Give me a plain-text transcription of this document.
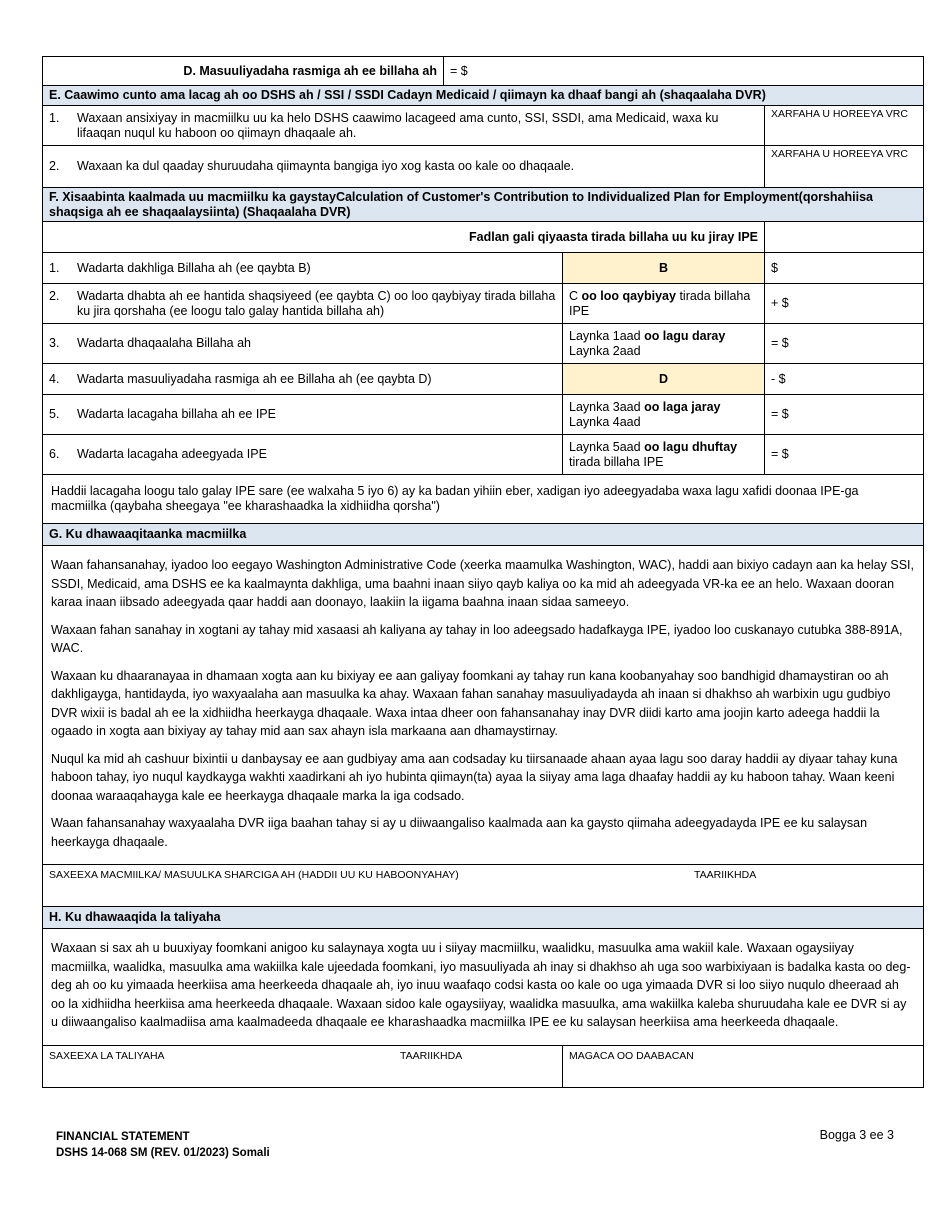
D. Masuuliyadaha rasmiga ah ee billaha ah	= $		
E. Caawimo cunto ama lacag ah oo DSHS ah / SSI / SSDI Cadayn Medicaid / qiimayn ka dhaaf bangi ah (shaqaalaha DVR)			

1. Waxaan ansixiyay in macmiilku uu ka helo DSHS caawimo lacageed ama cunto, SSI, SSDI, ama Medicaid, waxa ku lifaaqan nuqul ku haboon oo qiimayn dhaqaale ah.			XARFAHA U HOREEYA VRC

2. Waxaan ka dul qaaday shuruudaha qiimaynta bangiga iyo xog kasta oo kale oo dhaqaale.			XARFAHA U HOREEYA VRC
F. Xisaabinta kaalmada uu macmiilku ka gaystayCalculation of Customer's Contribution to Individualized Plan for Employment(qorshahiisa shaqsiga ah ee shaqaalaysiinta) (Shaqaalaha DVR)			
Fadlan gali qiyaasta tirada billaha uu ku jiray IPE			
1. Wadarta dakhliga Billaha ah (ee qaybta B)		B	$

2. Wadarta dhabta ah ee hantida shaqsiyeed (ee qaybta C) oo loo qaybiyay tirada billaha ku jira qorshaha (ee loogu talo galay hantida billaha ah)		C oo loo qaybiyay tirada billaha IPE	+ $
3. Wadarta dhaqaalaha Billaha ah		Laynka 1aad oo lagu daray
Laynka 2aad	= $
4. Wadarta masuuliyadaha rasmiga ah ee Billaha ah (ee qaybta D)		D	- $
5. Wadarta lacagaha billaha ah ee IPE		Laynka 3aad oo laga jaray
Laynka 4aad	= $
6. Wadarta lacagaha adeegyada IPE		Laynka 5aad oo lagu dhuftay
tirada billaha IPE	= $
Haddii lacagaha loogu talo galay IPE sare (ee walxaha 5 iyo 6) ay ka badan yihiin eber, xadigan iyo adeegyadaba waxa lagu xafidi doonaa IPE-ga macmiilka (qaybaha sheegaya "ee kharashaadka la xidhiidha qorsha")			
G. Ku dhawaaqitaanka macmiilka			

Waan fahansanahay, iyadoo loo eegayo Washington Administrative Code (xeerka maamulka Washington, WAC), haddi aan bixiyo cadayn aan ka helay SSI, SSDI, Medicaid, ama DSHS ee ka kaalmaynta dakhliga, uma baahni inaan siiyo qayb kaliya oo ka mid ah adeegyada VR-ka ee an helo. Waxaan dooran karaa inaan iibsado adeegyada qaar haddi aan doonayo, laakiin la iigama baahna inaan sidaa sameeyo.

Waxaan fahan sanahay in xogtani ay tahay mid xasaasi ah kaliyana ay tahay in loo adeegsado hadafkayga IPE, iyadoo loo cuskanayo cutubka 388-891A, WAC.

Waxaan ku dhaaranayaa in dhamaan xogta aan ku bixiyay ee aan galiyay foomkani ay tahay run kana koobanyahay soo bandhigid dhamaystiran oo ah dakhligayga, hantidayda, iyo waxyaalaha aan masuulka ka ahay. Waxaan fahan sanahay masuuliyadayda ah inaan si dhakhso ah warbixin ugu gudbiyo DVR wixii is badal ah ee la xidhiidha heerkayga dhaqaale. Waxa intaa dheer oon fahansanahay inay DVR diidi karto ama joojin karto adeega haddii la ogaado in xogta aan bixiyay ay tahay mid aan sax ahayn isla markaana aan dhamaystirnay.

Nuqul ka mid ah cashuur bixintii u danbaysay ee aan gudbiyay ama aan codsaday ku tiirsanaade ahaan ayaa lagu soo daray haddii ay diyaar tahay kuna haboon tahay, iyo nuqul kaydkayga wakhti xaadirkani ah iyo hubinta qiimayn(ta) ayaa la siiyay ama laga dhaafay haddii ay ku haboon tahay. Waan keeni doonaa waraaqahayga kale ee heerkayga dhaqaale marka la iga codsado.

Waan fahansanahay waxyaalaha DVR iiga baahan tahay si ay u diiwaangaliso kaalmada aan ka gaysto qiimaha adeegyadayda IPE ee ku salaysan heerkayga dhaqaale.			

SAXEEXA MACMIILKA/ MASUULKA SHARCIGA AH (HADDII UU KU HABOONYAHAY) TAARIIKHDA			

H. Ku dhawaaqida la taliyaha			

Waxaan si sax ah u buuxiyay foomkani anigoo ku salaynaya xogta uu i siiyay macmiilku, waalidku, masuulka ama wakiil kale. Waxaan ogaysiiyay macmiilka, waalidka, masuulka ama wakiilka kale ujeedada foomkani, iyo masuuliyada ah inay si dhakhso ah uga soo warbixiyaan is badalka kasta oo deg-deg ah oo ku yimaada heerkiisa ama heerkeeda dhaqaale ah, iyo inuu waafaqo codsi kasta oo kale oo uga yimaada DVR si loo siiyo nuqulo dheeraad ah oo la xidhiidha heerkiisa ama heerkeeda dhaqaale. Waxaan sidoo kale ogaysiiyay, waalidka masuulka, ama wakiilka kaleba shuruudaha kale ee DVR si ay u diiwaangaliso kaalmadiisa ama kaalmadeeda dhaqaale ee kharashaadka macmiilka IPE ee ku salaysan heerkiisa ama heerkeeda dhaqaale.			

SAXEEXA LA TALIYAHA TAARIIKHDA		MAGACA OO DAABACAN	
FINANCIAL STATEMENT
DSHS 14-068 SM (REV. 01/2023) Somali
Bogga 3 ee 3
